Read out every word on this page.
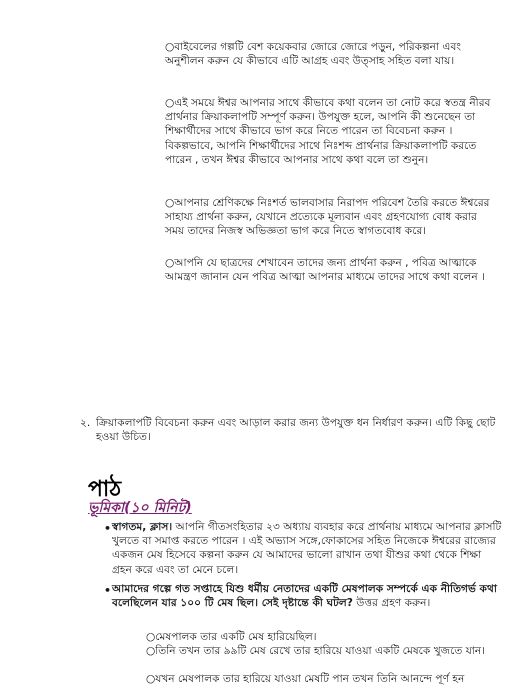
○বাইবেলের গল্পটি বেশ কয়েকবার জোরে জোরে পড়ুন, পরিকল্পনা এবং অনুশীলন করুন যে কীভাবে এটি আগ্রহ এবং উত্সাহ সহিত বলা যায়।

○এই সময়ে ঈশ্বর আপনার সাথে কীভাবে কথা বলেন তা নোট করে স্বতন্ত্র নীরব প্রার্থনার ক্রিয়াকলাপটি সম্পূর্ণ করুন। উপযুক্ত হলে, আপনি কী শুনেছেন তা শিক্ষার্থীদের সাথে কীভাবে ভাগ করে নিতে পারেন তা বিবেচনা করুন । বিকল্পভাবে, আপনি শিক্ষার্থীদের সাথে নিঃশব্দ প্রার্থনার ক্রিয়াকলাপটি করতে পারেন , তখন ঈশ্বর কীভাবে আপনার সাথে কথা বলে তা শুনুন।

○আপনার শ্রেণিকক্ষে নিঃশর্ত ভালবাসার নিরাপদ পরিবেশ তৈরি করতে ঈশ্বরের সাহায্য প্রার্থনা করুন, যেখানে প্রত্যেকে মূল্যবান এবং গ্রহণযোগ্য বোধ করার সময় তাদের নিজস্ব অভিজ্ঞতা ভাগ করে নিতে স্বাগতবোধ করে।

○আপনি যে ছাত্রদের শেখাবেন তাদের জন্য প্রার্থনা করুন , পবিত্র আত্মাকে আমন্ত্রণ জানান যেন পবিত্র আত্মা আপনার মাধ্যমে তাদের সাথে কথা বলেন ।

২. ক্রিয়াকলাপটি বিবেচনা করুন এবং আড়াল করার জন্য উপযুক্ত ধন নির্ধারণ করুন। এটি কিছু ছোট হওয়া উচিত।

পাঠ
ভূমিকা(১০ মিনিট)
• স্বাগতম, ক্লাস। আপনি গীতসংহিতার ২৩ অধ্যায় ব্যবহার করে প্রার্থনায় মাধ্যমে আপনার ক্লাসটি খুলতে বা সমাপ্ত করতে পারেন । এই অভ্যাস সঙ্গে,ফোকাসের সহিত নিজেকে ঈশ্বরের রাজ্যের একজন মেষ হিসেবে কল্পনা করুন যে আমাদের ভালো রাখান তথা যীশুর কথা থেকে শিক্ষা গ্রহন করে এবং তা মেনে চলে।

• আমাদের গল্পে গত সপ্তাহে যিশু ধর্মীয় নেতাদের একটি মেষপালক সম্পর্কে এক নীতিগর্ভ কথা বলেছিলেন যার ১০০ টি মেষ ছিল। সেই দৃষ্টান্তে কী ঘটল? উত্তর গ্রহণ করুন।

○মেষপালক তার একটি মেষ হারিয়েছিল।

○তিনি তখন তার ৯৯টি মেষ রেখে তার হারিয়ে যাওয়া একটি মেষকে খুজতে যান।

○যখন মেষপালক তার হারিয়ে যাওয়া মেষটি পান তখন তিনি আনন্দে পূর্ণ হন
